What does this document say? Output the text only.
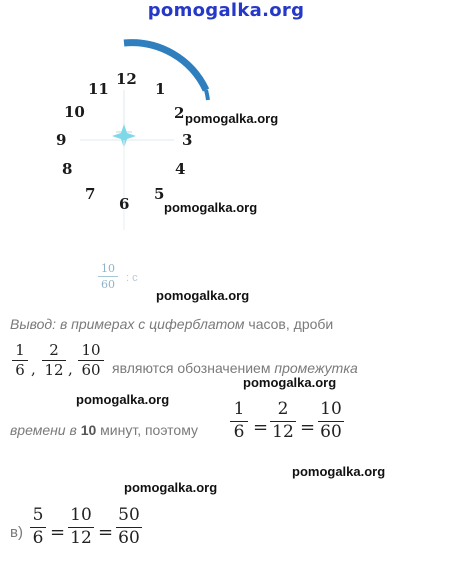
pomogalka.org
12
1
2
3
4
5
6
7
8
9
10
11
pomogalka.org
pomogalka.org
10
60 : c
pomogalka.org
Вывод: в примерах с циферблатом часов, дроби
1
6 ,
2
12 ,
10
60 являются обозначением промежутка
pomogalka.org
pomogalka.org
времени в 10 минут, поэтому
1
6 =
2
12 =
10
60
pomogalka.org
pomogalka.org
в)
5
6 =
10
12 =
50
60
